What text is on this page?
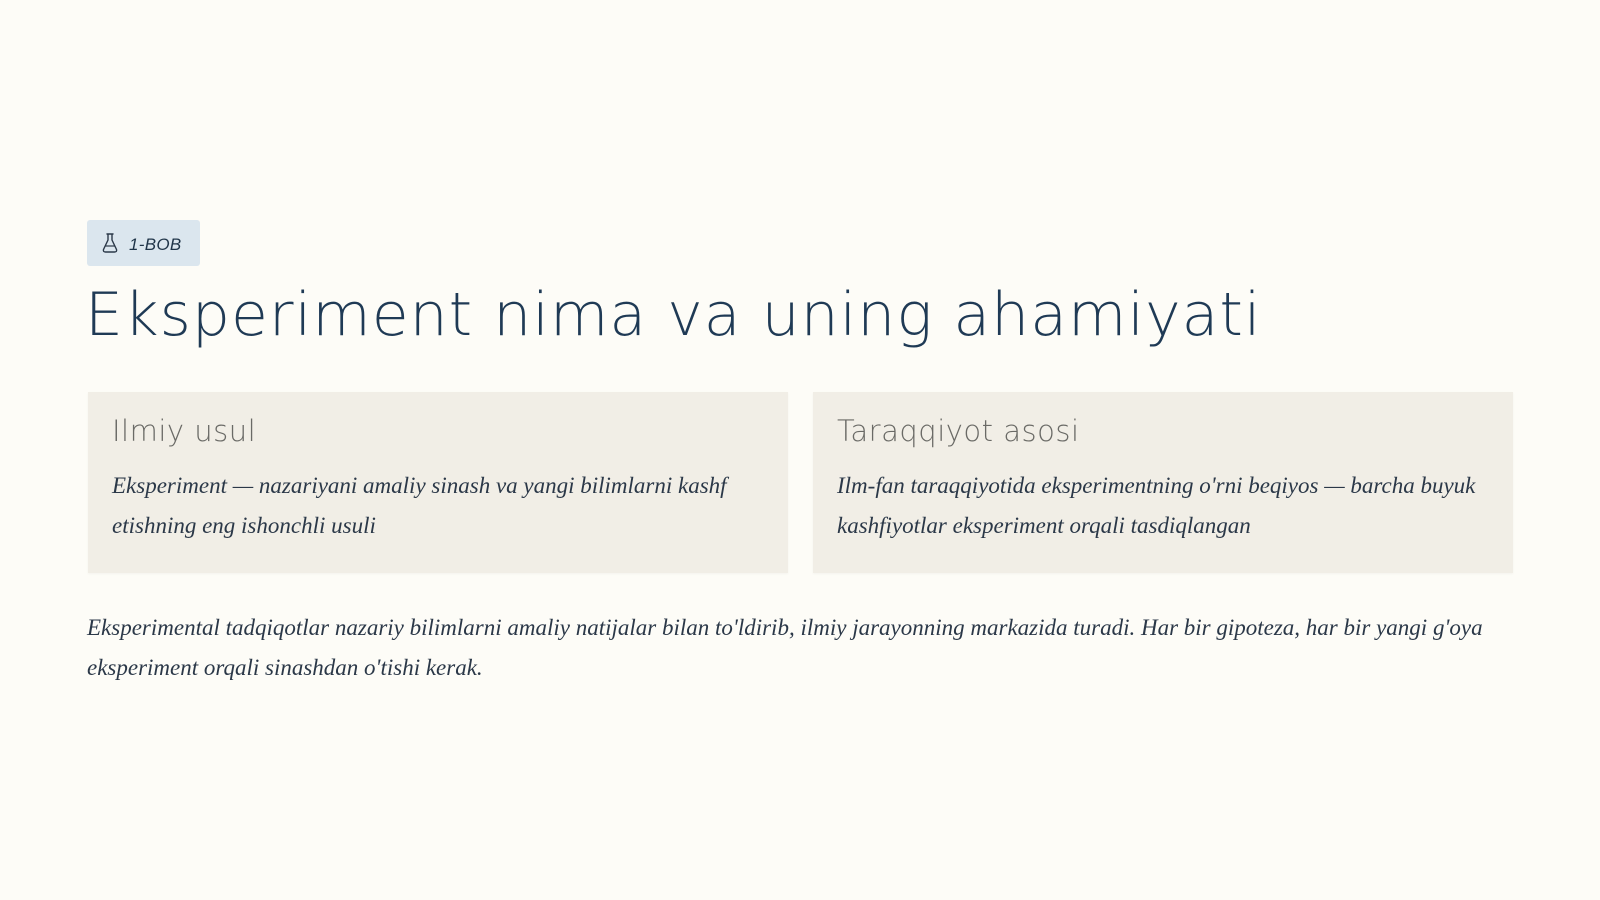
1-BOB
Eksperiment nima va uning ahamiyati
Ilmiy usul

Eksperiment — nazariyani amaliy sinash va yangi bilimlarni kashf etishning eng ishonchli usuli

Taraqqiyot asosi

Ilm-fan taraqqiyotida eksperimentning o'rni beqiyos — barcha buyuk kashfiyotlar eksperiment orqali tasdiqlangan

Eksperimental tadqiqotlar nazariy bilimlarni amaliy natijalar bilan to'ldirib, ilmiy jarayonning markazida turadi. Har bir gipoteza, har bir yangi g'oya eksperiment orqali sinashdan o'tishi kerak.
